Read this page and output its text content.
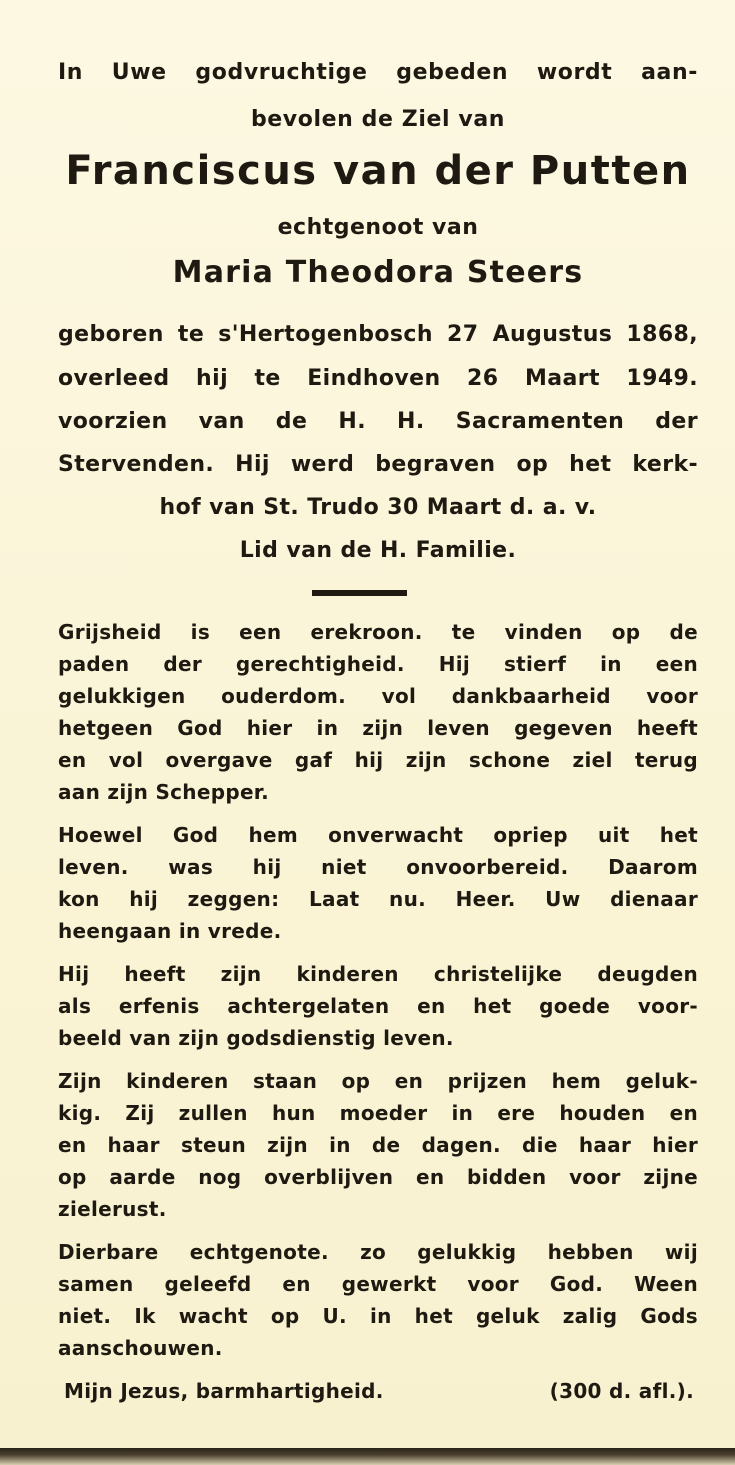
In Uwe godvruchtige gebeden wordt aan-
bevolen de Ziel van
Franciscus van der Putten
echtgenoot van
Maria Theodora Steers
geboren te s'Hertogenbosch 27 Augustus 1868,
overleed hij te Eindhoven 26 Maart 1949.
voorzien van de H. H. Sacramenten der
Stervenden. Hij werd begraven op het kerk-
hof van St. Trudo 30 Maart d. a. v.
Lid van de H. Familie.
Grijsheid is een erekroon. te vinden op de
paden der gerechtigheid. Hij stierf in een
gelukkigen ouderdom. vol dankbaarheid voor
hetgeen God hier in zijn leven gegeven heeft
en vol overgave gaf hij zijn schone ziel terug
aan zijn Schepper.
Hoewel God hem onverwacht opriep uit het
leven. was hij niet onvoorbereid. Daarom
kon hij zeggen: Laat nu. Heer. Uw dienaar
heengaan in vrede.
Hij heeft zijn kinderen christelijke deugden
als erfenis achtergelaten en het goede voor-
beeld van zijn godsdienstig leven.
Zijn kinderen staan op en prijzen hem geluk-
kig. Zij zullen hun moeder in ere houden en
en haar steun zijn in de dagen. die haar hier
op aarde nog overblijven en bidden voor zijne
zielerust.
Dierbare echtgenote. zo gelukkig hebben wij
samen geleefd en gewerkt voor God. Ween
niet. Ik wacht op U. in het geluk zalig Gods
aanschouwen.
Mijn Jezus, barmhartigheid.	(300 d. afl.).
